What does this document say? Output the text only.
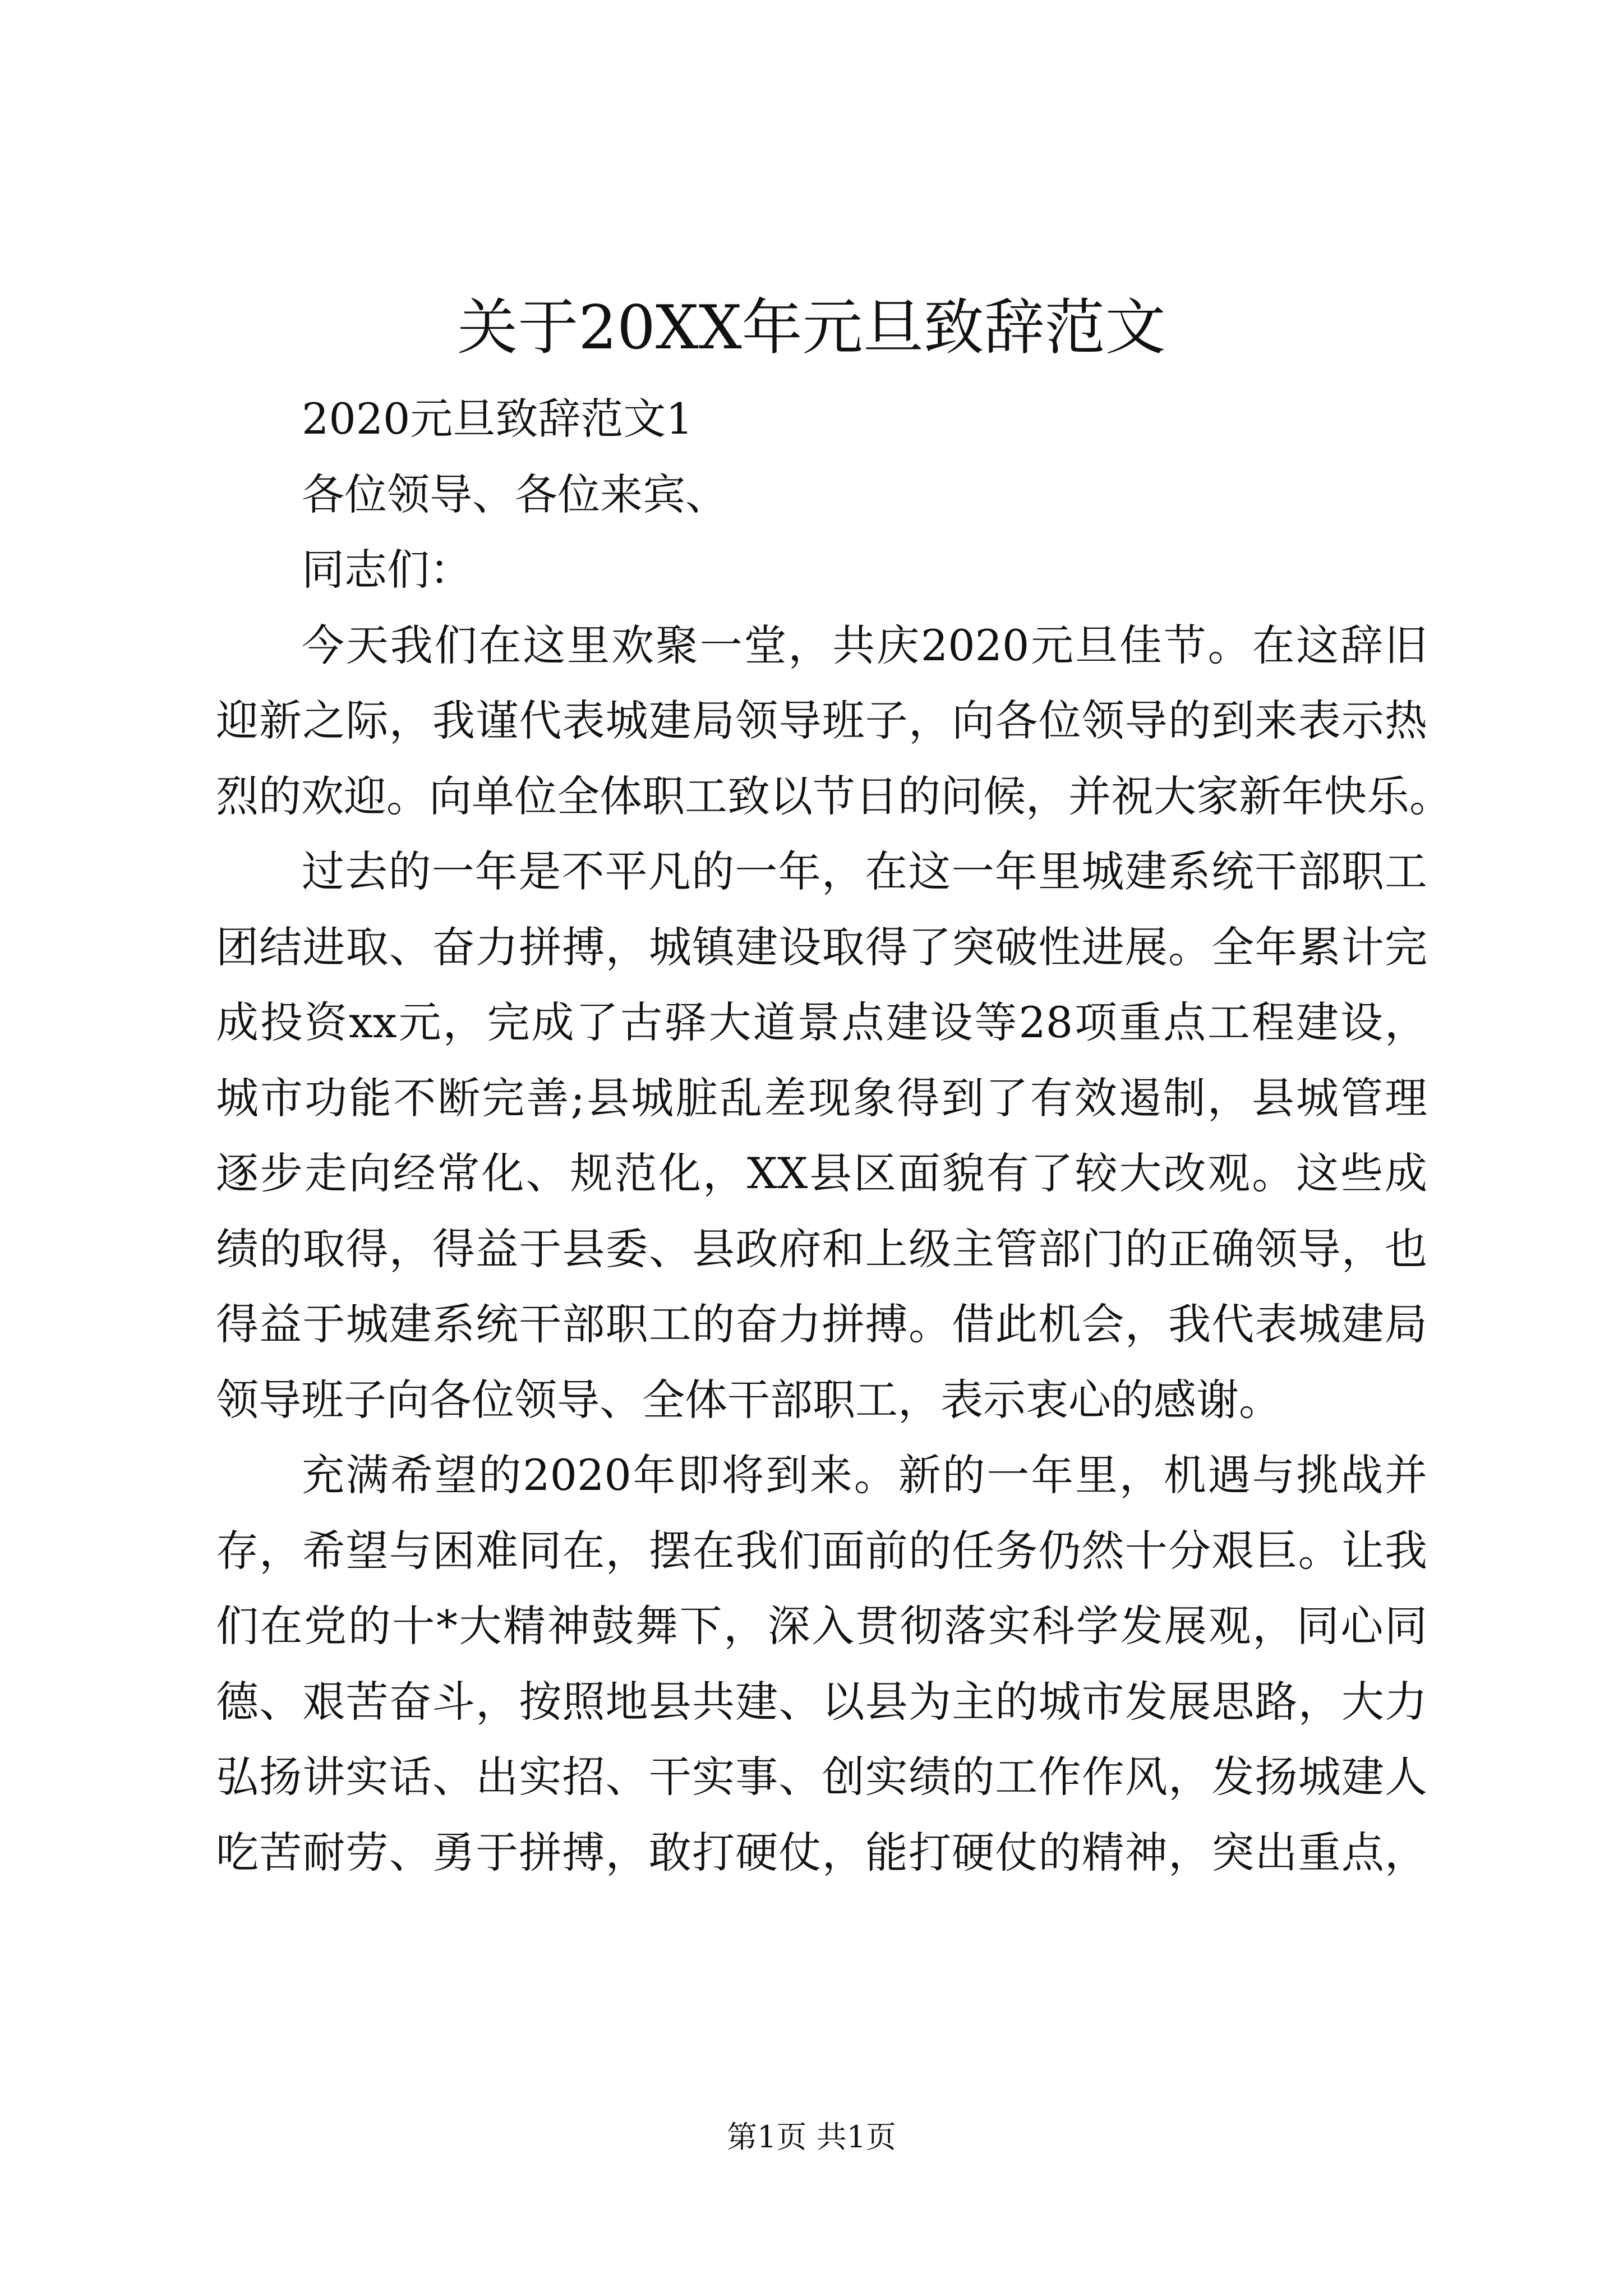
关于20XX年元旦致辞范文
2020元旦致辞范文1
各位领导、各位来宾、
同志们：
今天我们在这里欢聚一堂，共庆2020元旦佳节。在这辞旧
迎新之际，我谨代表城建局领导班子，向各位领导的到来表示热
烈的欢迎。向单位全体职工致以节日的问候，并祝大家新年快乐。
过去的一年是不平凡的一年，在这一年里城建系统干部职工
团结进取、奋力拼搏，城镇建设取得了突破性进展。全年累计完
成投资xx元，完成了古驿大道景点建设等28项重点工程建设，
城市功能不断完善;县城脏乱差现象得到了有效遏制，县城管理
逐步走向经常化、规范化，XX县区面貌有了较大改观。这些成
绩的取得，得益于县委、县政府和上级主管部门的正确领导，也
得益于城建系统干部职工的奋力拼搏。借此机会，我代表城建局
领导班子向各位领导、全体干部职工，表示衷心的感谢。
充满希望的2020年即将到来。新的一年里，机遇与挑战并
存，希望与困难同在，摆在我们面前的任务仍然十分艰巨。让我
们在党的十*大精神鼓舞下，深入贯彻落实科学发展观，同心同
德、艰苦奋斗，按照地县共建、以县为主的城市发展思路，大力
弘扬讲实话、出实招、干实事、创实绩的工作作风，发扬城建人
吃苦耐劳、勇于拼搏，敢打硬仗，能打硬仗的精神，突出重点，
第1页 共1页
